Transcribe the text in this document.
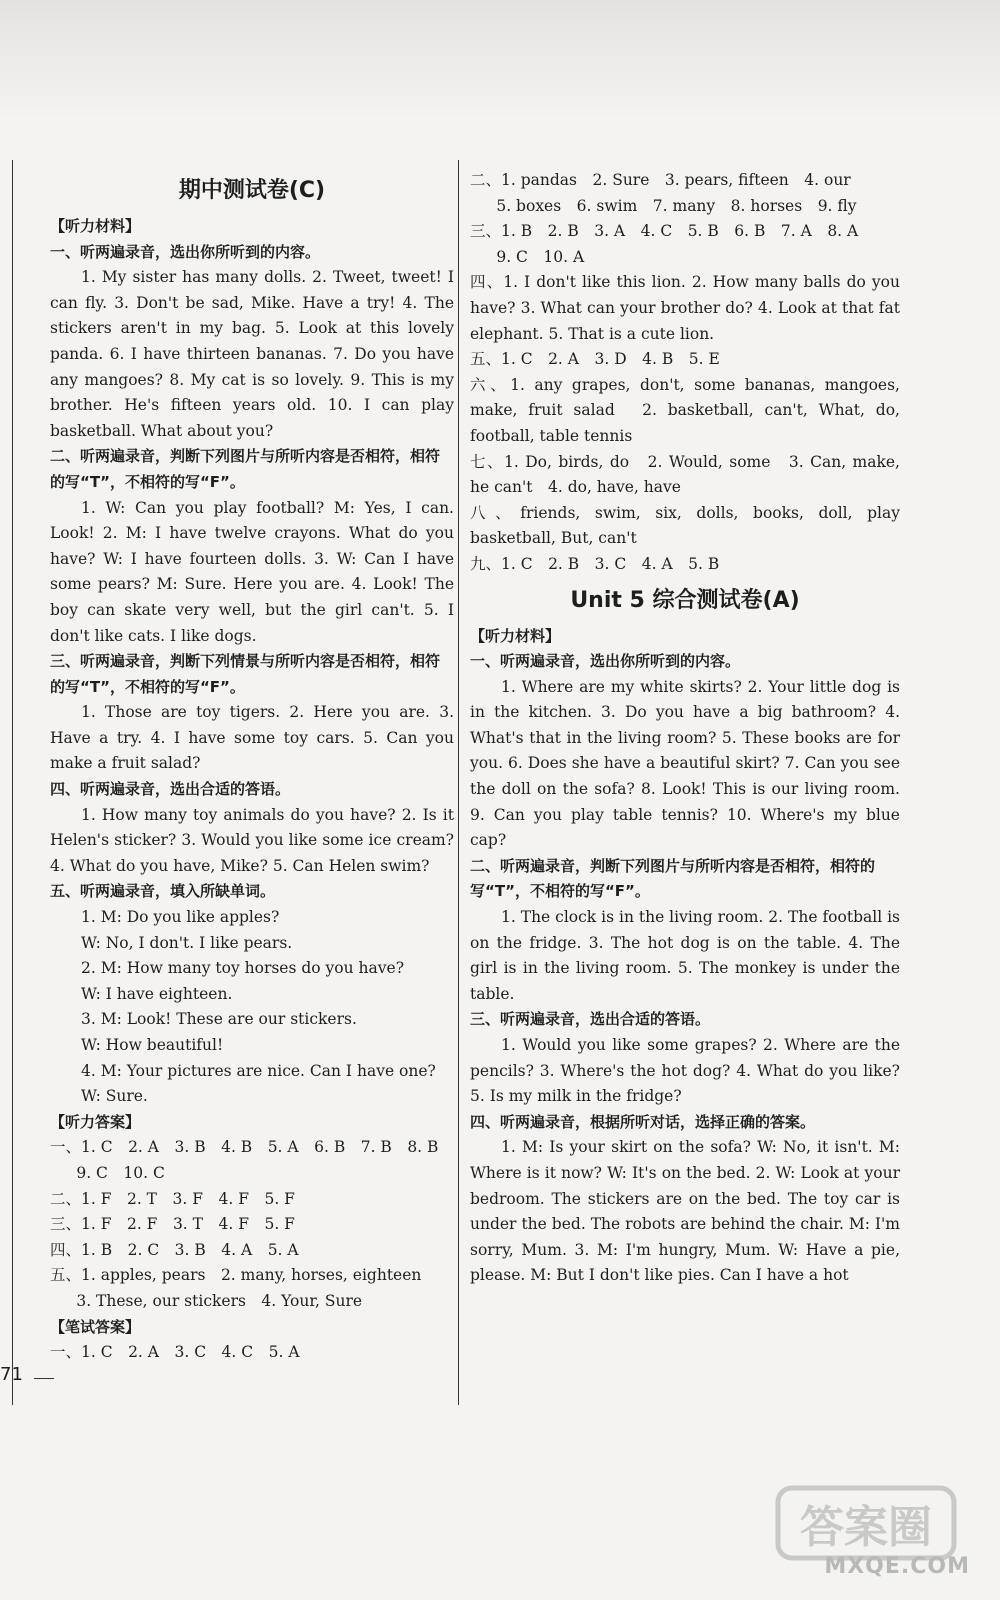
期中测试卷(C)

【听力材料】

一、听两遍录音，选出你所听到的内容。

1. My sister has many dolls. 2. Tweet, tweet! I can fly. 3. Don't be sad, Mike. Have a try! 4. The stickers aren't in my bag. 5. Look at this lovely panda. 6. I have thirteen bananas. 7. Do you have any mangoes? 8. My cat is so lovely. 9. This is my brother. He's fifteen years old. 10. I can play basketball. What about you?

二、听两遍录音，判断下列图片与所听内容是否相符，相符的写“T”，不相符的写“F”。

1. W: Can you play football? M: Yes, I can. Look! 2. M: I have twelve crayons. What do you have? W: I have fourteen dolls. 3. W: Can I have some pears? M: Sure. Here you are. 4. Look! The boy can skate very well, but the girl can't. 5. I don't like cats. I like dogs.

三、听两遍录音，判断下列情景与所听内容是否相符，相符的写“T”，不相符的写“F”。

1. Those are toy tigers. 2. Here you are. 3. Have a try. 4. I have some toy cars. 5. Can you make a fruit salad?

四、听两遍录音，选出合适的答语。

1. How many toy animals do you have? 2. Is it Helen's sticker? 3. Would you like some ice cream? 4. What do you have, Mike? 5. Can Helen swim?

五、听两遍录音，填入所缺单词。

1. M: Do you like apples?

W: No, I don't. I like pears.

2. M: How many toy horses do you have?

W: I have eighteen.

3. M: Look! These are our stickers.

W: How beautiful!

4. M: Your pictures are nice. Can I have one?

W: Sure.

【听力答案】

一、1. C　2. A　3. B　4. B　5. A　6. B　7. B　8. B

9. C　10. C

二、1. F　2. T　3. F　4. F　5. F

三、1. F　2. F　3. T　4. F　5. F

四、1. B　2. C　3. B　4. A　5. A

五、1. apples, pears　2. many, horses, eighteen

3. These, our stickers　4. Your, Sure

【笔试答案】

一、1. C　2. A　3. C　4. C　5. A

二、1. pandas　2. Sure　3. pears, fifteen　4. our

5. boxes　6. swim　7. many　8. horses　9. fly

三、1. B　2. B　3. A　4. C　5. B　6. B　7. A　8. A

9. C　10. A

四、1. I don't like this lion. 2. How many balls do you have? 3. What can your brother do? 4. Look at that fat elephant. 5. That is a cute lion.

五、1. C　2. A　3. D　4. B　5. E

六、1. any grapes, don't, some bananas, mangoes, make, fruit salad　2. basketball, can't, What, do, football, table tennis

七、1. Do, birds, do　2. Would, some　3. Can, make, he can't　4. do, have, have

八、friends, swim, six, dolls, books, doll, play basketball, But, can't

九、1. C　2. B　3. C　4. A　5. B

Unit 5 综合测试卷(A)

【听力材料】

一、听两遍录音，选出你所听到的内容。

1. Where are my white skirts? 2. Your little dog is in the kitchen. 3. Do you have a big bathroom? 4. What's that in the living room? 5. These books are for you. 6. Does she have a beautiful skirt? 7. Can you see the doll on the sofa? 8. Look! This is our living room. 9. Can you play table tennis? 10. Where's my blue cap?

二、听两遍录音，判断下列图片与所听内容是否相符，相符的写“T”，不相符的写“F”。

1. The clock is in the living room. 2. The football is on the fridge. 3. The hot dog is on the table. 4. The girl is in the living room. 5. The monkey is under the table.

三、听两遍录音，选出合适的答语。

1. Would you like some grapes? 2. Where are the pencils? 3. Where's the hot dog? 4. What do you like? 5. Is my milk in the fridge?

四、听两遍录音，根据所听对话，选择正确的答案。

1. M: Is your skirt on the sofa? W: No, it isn't. M: Where is it now? W: It's on the bed. 2. W: Look at your bedroom. The stickers are on the bed. The toy car is under the bed. The robots are behind the chair. M: I'm sorry, Mum. 3. M: I'm hungry, Mum. W: Have a pie, please. M: But I don't like pies. Can I have a hot

71
答案圈
MXQE.COM
